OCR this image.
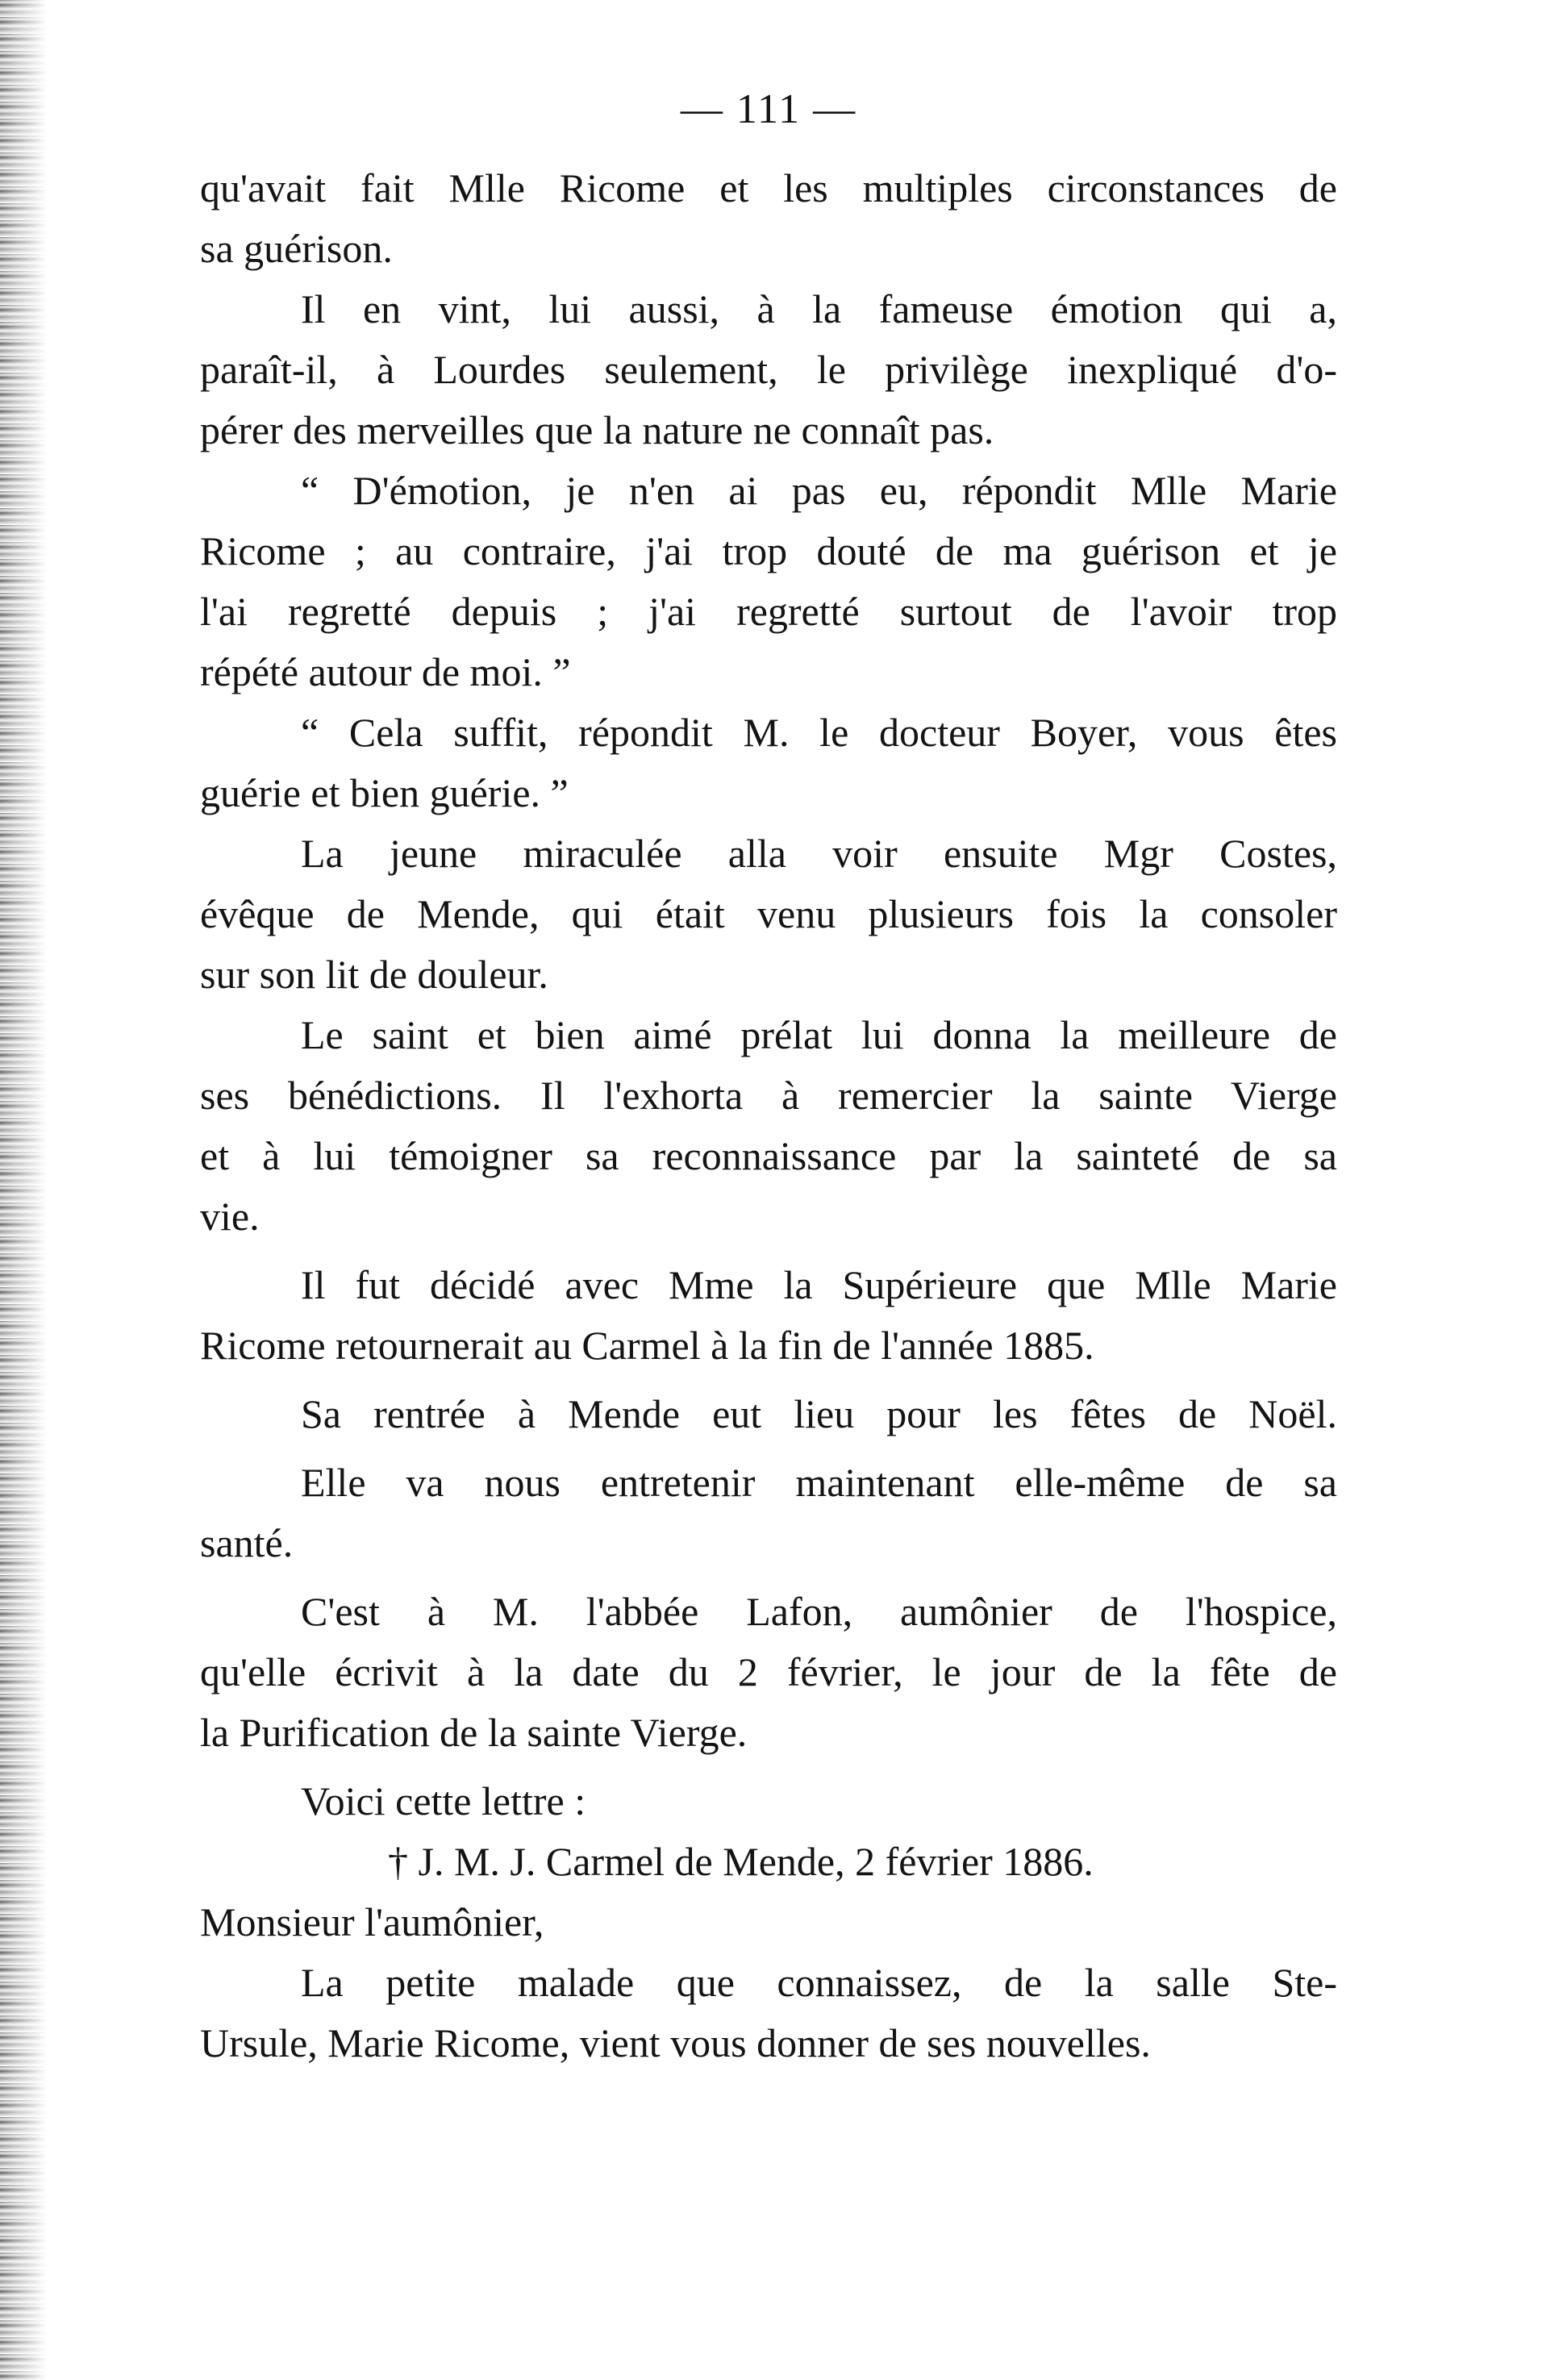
— 111 —
qu'avait fait Mlle Ricome et les multiples circonstances de
sa guérison.
Il en vint, lui aussi, à la fameuse émotion qui a,
paraît-il, à Lourdes seulement, le privilège inexpliqué d'o-
pérer des merveilles que la nature ne connaît pas.
“ D'émotion, je n'en ai pas eu, répondit Mlle Marie
Ricome ; au contraire, j'ai trop douté de ma guérison et je
l'ai regretté depuis ; j'ai regretté surtout de l'avoir trop
répété autour de moi. ”
“ Cela suffit, répondit M. le docteur Boyer, vous êtes
guérie et bien guérie. ”
La jeune miraculée alla voir ensuite Mgr Costes,
évêque de Mende, qui était venu plusieurs fois la consoler
sur son lit de douleur.
Le saint et bien aimé prélat lui donna la meilleure de
ses bénédictions. Il l'exhorta à remercier la sainte Vierge
et à lui témoigner sa reconnaissance par la sainteté de sa
vie.
Il fut décidé avec Mme la Supérieure que Mlle Marie
Ricome retournerait au Carmel à la fin de l'année 1885.
Sa rentrée à Mende eut lieu pour les fêtes de Noël.
Elle va nous entretenir maintenant elle-même de sa
santé.
C'est à M. l'abbée Lafon, aumônier de l'hospice,
qu'elle écrivit à la date du 2 février, le jour de la fête de
la Purification de la sainte Vierge.
Voici cette lettre :
† J. M. J. Carmel de Mende, 2 février 1886.
Monsieur l'aumônier,
La petite malade que connaissez, de la salle Ste-
Ursule, Marie Ricome, vient vous donner de ses nouvelles.
